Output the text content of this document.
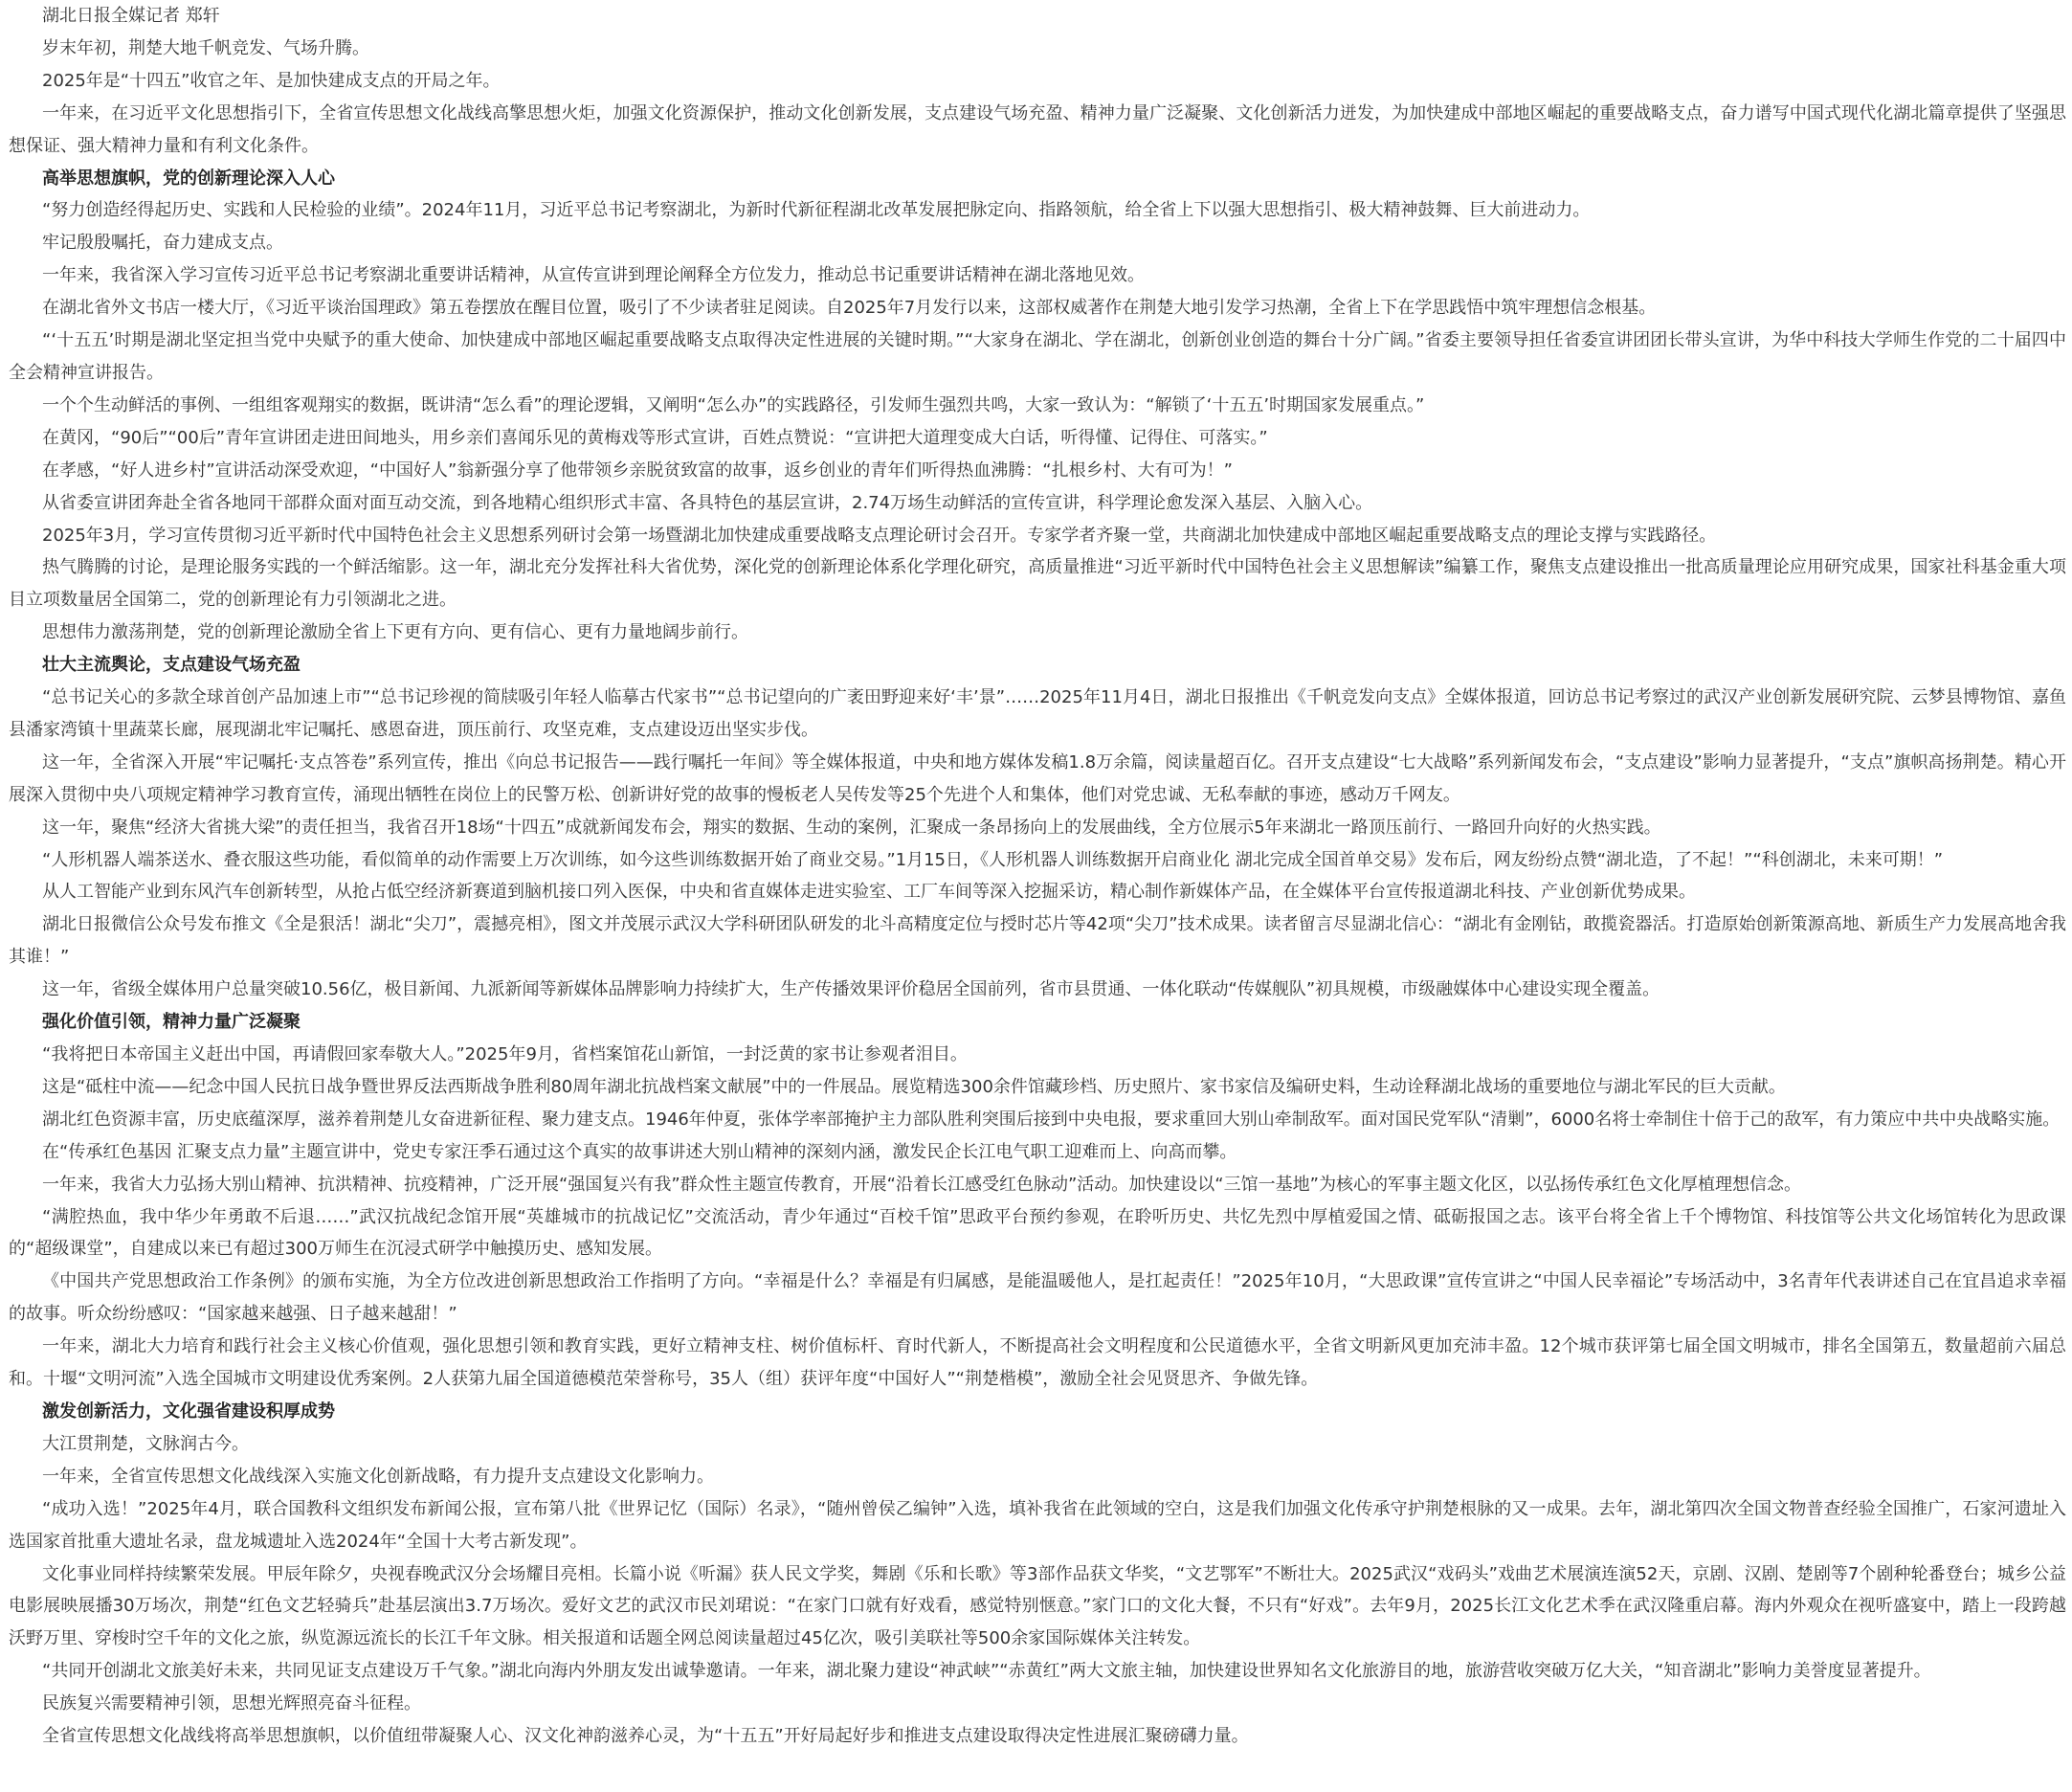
湖北日报全媒记者 郑轩

岁末年初，荆楚大地千帆竞发、气场升腾。

2025年是“十四五”收官之年、是加快建成支点的开局之年。

一年来，在习近平文化思想指引下，全省宣传思想文化战线高擎思想火炬，加强文化资源保护，推动文化创新发展，支点建设气场充盈、精神力量广泛凝聚、文化创新活力迸发，为加快建成中部地区崛起的重要战略支点，奋力谱写中国式现代化湖北篇章提供了坚强思想保证、强大精神力量和有利文化条件。

高举思想旗帜，党的创新理论深入人心

“努力创造经得起历史、实践和人民检验的业绩”。2024年11月，习近平总书记考察湖北，为新时代新征程湖北改革发展把脉定向、指路领航，给全省上下以强大思想指引、极大精神鼓舞、巨大前进动力。

牢记殷殷嘱托，奋力建成支点。

一年来，我省深入学习宣传习近平总书记考察湖北重要讲话精神，从宣传宣讲到理论阐释全方位发力，推动总书记重要讲话精神在湖北落地见效。

在湖北省外文书店一楼大厅，《习近平谈治国理政》第五卷摆放在醒目位置，吸引了不少读者驻足阅读。自2025年7月发行以来，这部权威著作在荆楚大地引发学习热潮，全省上下在学思践悟中筑牢理想信念根基。

“‘十五五’时期是湖北坚定担当党中央赋予的重大使命、加快建成中部地区崛起重要战略支点取得决定性进展的关键时期。”“大家身在湖北、学在湖北，创新创业创造的舞台十分广阔。”省委主要领导担任省委宣讲团团长带头宣讲，为华中科技大学师生作党的二十届四中全会精神宣讲报告。

一个个生动鲜活的事例、一组组客观翔实的数据，既讲清“怎么看”的理论逻辑，又阐明“怎么办”的实践路径，引发师生强烈共鸣，大家一致认为：“解锁了‘十五五’时期国家发展重点。”

在黄冈，“90后”“00后”青年宣讲团走进田间地头，用乡亲们喜闻乐见的黄梅戏等形式宣讲，百姓点赞说：“宣讲把大道理变成大白话，听得懂、记得住、可落实。”

在孝感，“好人进乡村”宣讲活动深受欢迎，“中国好人”翁新强分享了他带领乡亲脱贫致富的故事，返乡创业的青年们听得热血沸腾：“扎根乡村、大有可为！”

从省委宣讲团奔赴全省各地同干部群众面对面互动交流，到各地精心组织形式丰富、各具特色的基层宣讲，2.74万场生动鲜活的宣传宣讲，科学理论愈发深入基层、入脑入心。

2025年3月，学习宣传贯彻习近平新时代中国特色社会主义思想系列研讨会第一场暨湖北加快建成重要战略支点理论研讨会召开。专家学者齐聚一堂，共商湖北加快建成中部地区崛起重要战略支点的理论支撑与实践路径。

热气腾腾的讨论，是理论服务实践的一个鲜活缩影。这一年，湖北充分发挥社科大省优势，深化党的创新理论体系化学理化研究，高质量推进“习近平新时代中国特色社会主义思想解读”编纂工作，聚焦支点建设推出一批高质量理论应用研究成果，国家社科基金重大项目立项数量居全国第二，党的创新理论有力引领湖北之进。

思想伟力激荡荆楚，党的创新理论激励全省上下更有方向、更有信心、更有力量地阔步前行。

壮大主流舆论，支点建设气场充盈

“总书记关心的多款全球首创产品加速上市”“总书记珍视的简牍吸引年轻人临摹古代家书”“总书记望向的广袤田野迎来好‘丰’景”……2025年11月4日，湖北日报推出《千帆竞发向支点》全媒体报道，回访总书记考察过的武汉产业创新发展研究院、云梦县博物馆、嘉鱼县潘家湾镇十里蔬菜长廊，展现湖北牢记嘱托、感恩奋进，顶压前行、攻坚克难，支点建设迈出坚实步伐。

这一年，全省深入开展“牢记嘱托·支点答卷”系列宣传，推出《向总书记报告——践行嘱托一年间》等全媒体报道，中央和地方媒体发稿1.8万余篇，阅读量超百亿。召开支点建设“七大战略”系列新闻发布会，“支点建设”影响力显著提升，“支点”旗帜高扬荆楚。精心开展深入贯彻中央八项规定精神学习教育宣传，涌现出牺牲在岗位上的民警万松、创新讲好党的故事的慢板老人吴传发等25个先进个人和集体，他们对党忠诚、无私奉献的事迹，感动万千网友。

这一年，聚焦“经济大省挑大梁”的责任担当，我省召开18场“十四五”成就新闻发布会，翔实的数据、生动的案例，汇聚成一条昂扬向上的发展曲线，全方位展示5年来湖北一路顶压前行、一路回升向好的火热实践。

“人形机器人端茶送水、叠衣服这些功能，看似简单的动作需要上万次训练，如今这些训练数据开始了商业交易。”1月15日，《人形机器人训练数据开启商业化 湖北完成全国首单交易》发布后，网友纷纷点赞“湖北造，了不起！”“科创湖北，未来可期！”

从人工智能产业到东风汽车创新转型，从抢占低空经济新赛道到脑机接口列入医保，中央和省直媒体走进实验室、工厂车间等深入挖掘采访，精心制作新媒体产品，在全媒体平台宣传报道湖北科技、产业创新优势成果。

湖北日报微信公众号发布推文《全是狠活！湖北“尖刀”，震撼亮相》，图文并茂展示武汉大学科研团队研发的北斗高精度定位与授时芯片等42项“尖刀”技术成果。读者留言尽显湖北信心：“湖北有金刚钻，敢揽瓷器活。打造原始创新策源高地、新质生产力发展高地舍我其谁！”

这一年，省级全媒体用户总量突破10.56亿，极目新闻、九派新闻等新媒体品牌影响力持续扩大，生产传播效果评价稳居全国前列，省市县贯通、一体化联动“传媒舰队”初具规模，市级融媒体中心建设实现全覆盖。

强化价值引领，精神力量广泛凝聚

“我将把日本帝国主义赶出中国，再请假回家奉敬大人。”2025年9月，省档案馆花山新馆，一封泛黄的家书让参观者泪目。

这是“砥柱中流——纪念中国人民抗日战争暨世界反法西斯战争胜利80周年湖北抗战档案文献展”中的一件展品。展览精选300余件馆藏珍档、历史照片、家书家信及编研史料，生动诠释湖北战场的重要地位与湖北军民的巨大贡献。

湖北红色资源丰富，历史底蕴深厚，滋养着荆楚儿女奋进新征程、聚力建支点。1946年仲夏，张体学率部掩护主力部队胜利突围后接到中央电报，要求重回大别山牵制敌军。面对国民党军队“清剿”，6000名将士牵制住十倍于己的敌军，有力策应中共中央战略实施。

在“传承红色基因 汇聚支点力量”主题宣讲中，党史专家汪季石通过这个真实的故事讲述大别山精神的深刻内涵，激发民企长江电气职工迎难而上、向高而攀。

一年来，我省大力弘扬大别山精神、抗洪精神、抗疫精神，广泛开展“强国复兴有我”群众性主题宣传教育，开展“沿着长江感受红色脉动”活动。加快建设以“三馆一基地”为核心的军事主题文化区，以弘扬传承红色文化厚植理想信念。

“满腔热血，我中华少年勇敢不后退……”武汉抗战纪念馆开展“英雄城市的抗战记忆”交流活动，青少年通过“百校千馆”思政平台预约参观，在聆听历史、共忆先烈中厚植爱国之情、砥砺报国之志。该平台将全省上千个博物馆、科技馆等公共文化场馆转化为思政课的“超级课堂”，自建成以来已有超过300万师生在沉浸式研学中触摸历史、感知发展。

《中国共产党思想政治工作条例》的颁布实施，为全方位改进创新思想政治工作指明了方向。“幸福是什么？幸福是有归属感，是能温暖他人，是扛起责任！”2025年10月，“大思政课”宣传宣讲之“中国人民幸福论”专场活动中，3名青年代表讲述自己在宜昌追求幸福的故事。听众纷纷感叹：“国家越来越强、日子越来越甜！”

一年来，湖北大力培育和践行社会主义核心价值观，强化思想引领和教育实践，更好立精神支柱、树价值标杆、育时代新人，不断提高社会文明程度和公民道德水平，全省文明新风更加充沛丰盈。12个城市获评第七届全国文明城市，排名全国第五，数量超前六届总和。十堰“文明河流”入选全国城市文明建设优秀案例。2人获第九届全国道德模范荣誉称号，35人（组）获评年度“中国好人”“荆楚楷模”，激励全社会见贤思齐、争做先锋。

激发创新活力，文化强省建设积厚成势

大江贯荆楚，文脉润古今。

一年来，全省宣传思想文化战线深入实施文化创新战略，有力提升支点建设文化影响力。

“成功入选！”2025年4月，联合国教科文组织发布新闻公报，宣布第八批《世界记忆（国际）名录》，“随州曾侯乙编钟”入选，填补我省在此领域的空白，这是我们加强文化传承守护荆楚根脉的又一成果。去年，湖北第四次全国文物普查经验全国推广，石家河遗址入选国家首批重大遗址名录，盘龙城遗址入选2024年“全国十大考古新发现”。

文化事业同样持续繁荣发展。甲辰年除夕，央视春晚武汉分会场耀目亮相。长篇小说《听漏》获人民文学奖，舞剧《乐和长歌》等3部作品获文华奖，“文艺鄂军”不断壮大。2025武汉“戏码头”戏曲艺术展演连演52天，京剧、汉剧、楚剧等7个剧种轮番登台；城乡公益电影展映展播30万场次，荆楚“红色文艺轻骑兵”赴基层演出3.7万场次。爱好文艺的武汉市民刘珺说：“在家门口就有好戏看，感觉特别惬意。”家门口的文化大餐，不只有“好戏”。去年9月，2025长江文化艺术季在武汉隆重启幕。海内外观众在视听盛宴中，踏上一段跨越沃野万里、穿梭时空千年的文化之旅，纵览源远流长的长江千年文脉。相关报道和话题全网总阅读量超过45亿次，吸引美联社等500余家国际媒体关注转发。

“共同开创湖北文旅美好未来，共同见证支点建设万千气象。”湖北向海内外朋友发出诚挚邀请。一年来，湖北聚力建设“神武峡”“赤黄红”两大文旅主轴，加快建设世界知名文化旅游目的地，旅游营收突破万亿大关，“知音湖北”影响力美誉度显著提升。

民族复兴需要精神引领，思想光辉照亮奋斗征程。

全省宣传思想文化战线将高举思想旗帜，以价值纽带凝聚人心、汉文化神韵滋养心灵，为“十五五”开好局起好步和推进支点建设取得决定性进展汇聚磅礴力量。
